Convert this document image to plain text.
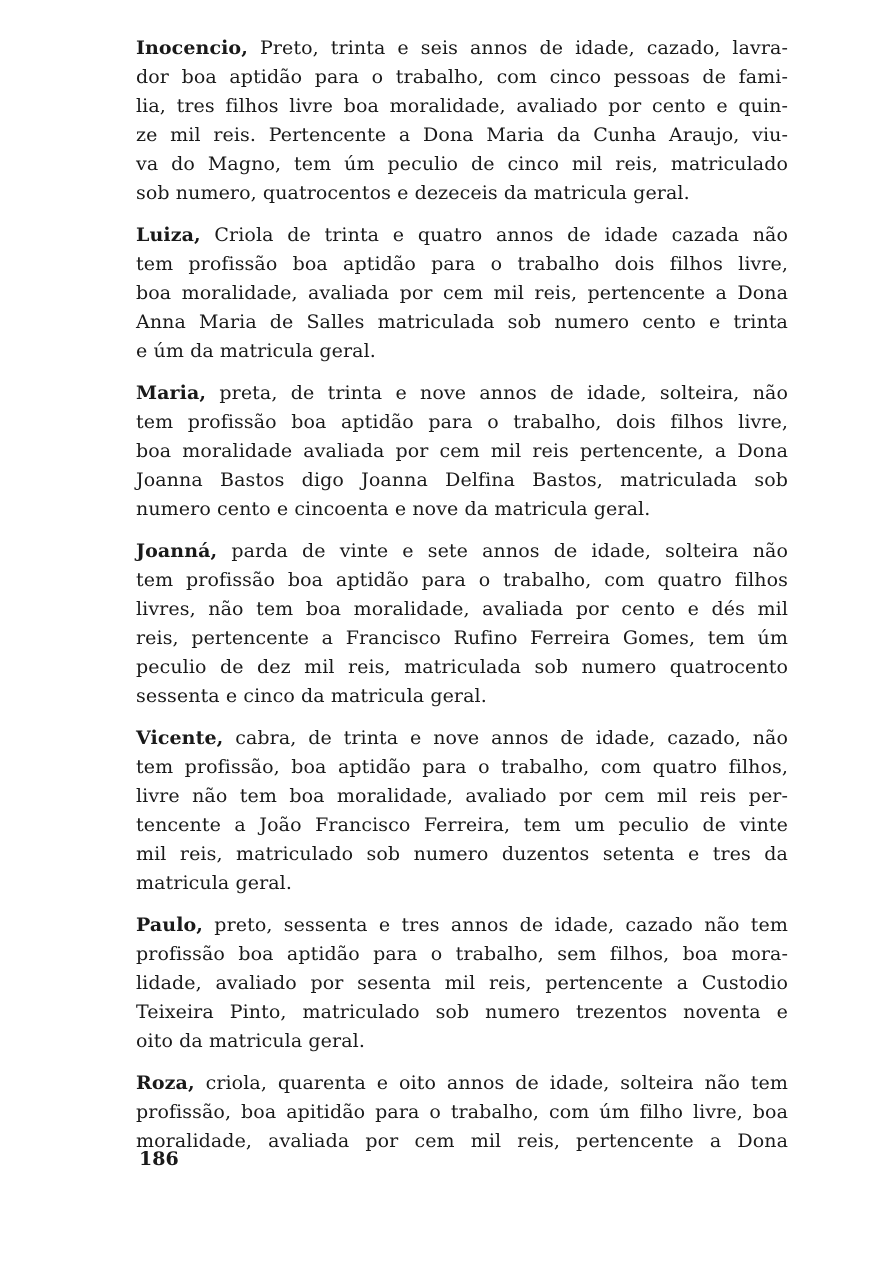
Inocencio, Preto, trinta e seis annos de idade, cazado, lavra-
dor boa aptidão para o trabalho, com cinco pessoas de fami-
lia, tres filhos livre boa moralidade, avaliado por cento e quin-
ze mil reis. Pertencente a Dona Maria da Cunha Araujo, viu-
va do Magno, tem úm peculio de cinco mil reis, matriculado
sob numero, quatrocentos e dezeceis da matricula geral.
Luiza, Criola de trinta e quatro annos de idade cazada não
tem profissão boa aptidão para o trabalho dois filhos livre,
boa moralidade, avaliada por cem mil reis, pertencente a Dona
Anna Maria de Salles matriculada sob numero cento e trinta
e úm da matricula geral.
Maria, preta, de trinta e nove annos de idade, solteira, não
tem profissão boa aptidão para o trabalho, dois filhos livre,
boa moralidade avaliada por cem mil reis pertencente, a Dona
Joanna Bastos digo Joanna Delfina Bastos, matriculada sob
numero cento e cincoenta e nove da matricula geral.
Joanná, parda de vinte e sete annos de idade, solteira não
tem profissão boa aptidão para o trabalho, com quatro filhos
livres, não tem boa moralidade, avaliada por cento e dés mil
reis, pertencente a Francisco Rufino Ferreira Gomes, tem úm
peculio de dez mil reis, matriculada sob numero quatrocento
sessenta e cinco da matricula geral.
Vicente, cabra, de trinta e nove annos de idade, cazado, não
tem profissão, boa aptidão para o trabalho, com quatro filhos,
livre não tem boa moralidade, avaliado por cem mil reis per-
tencente a João Francisco Ferreira, tem um peculio de vinte
mil reis, matriculado sob numero duzentos setenta e tres da
matricula geral.
Paulo, preto, sessenta e tres annos de idade, cazado não tem
profissão boa aptidão para o trabalho, sem filhos, boa mora-
lidade, avaliado por sesenta mil reis, pertencente a Custodio
Teixeira Pinto, matriculado sob numero trezentos noventa e
oito da matricula geral.
Roza, criola, quarenta e oito annos de idade, solteira não tem
profissão, boa apitidão para o trabalho, com úm filho livre, boa
moralidade, avaliada por cem mil reis, pertencente a Dona
186
